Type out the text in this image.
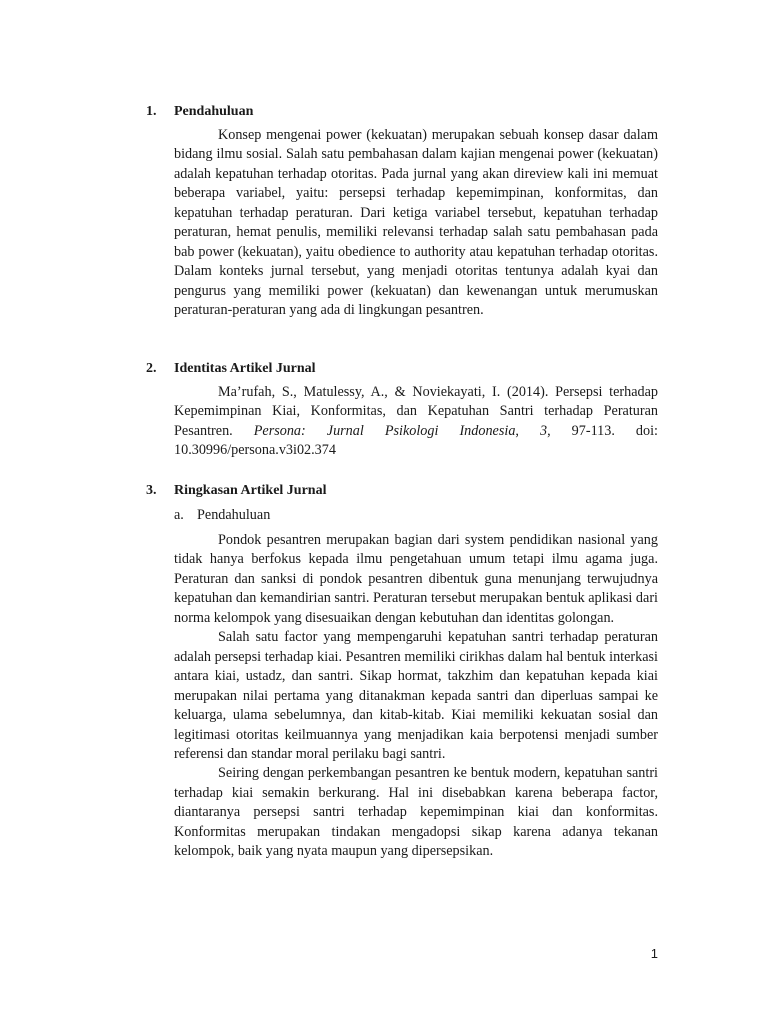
1. Pendahuluan

Konsep mengenai power (kekuatan) merupakan sebuah konsep dasar dalam bidang ilmu sosial. Salah satu pembahasan dalam kajian mengenai power (kekuatan) adalah kepatuhan terhadap otoritas. Pada jurnal yang akan direview kali ini memuat beberapa variabel, yaitu: persepsi terhadap kepemimpinan, konformitas, dan kepatuhan terhadap peraturan. Dari ketiga variabel tersebut, kepatuhan terhadap peraturan, hemat penulis, memiliki relevansi terhadap salah satu pembahasan pada bab power (kekuatan), yaitu obedience to authority atau kepatuhan terhadap otoritas. Dalam konteks jurnal tersebut, yang menjadi otoritas tentunya adalah kyai dan pengurus yang memiliki power (kekuatan) dan kewenangan untuk merumuskan peraturan-peraturan yang ada di lingkungan pesantren.

2. Identitas Artikel Jurnal

Ma’rufah, S., Matulessy, A., & Noviekayati, I. (2014). Persepsi terhadap Kepemimpinan Kiai, Konformitas, dan Kepatuhan Santri terhadap Peraturan Pesantren. Persona: Jurnal Psikologi Indonesia, 3, 97-113. doi: 10.30996/persona.v3i02.374

3. Ringkasan Artikel Jurnal
a. Pendahuluan

Pondok pesantren merupakan bagian dari system pendidikan nasional yang tidak hanya berfokus kepada ilmu pengetahuan umum tetapi ilmu agama juga. Peraturan dan sanksi di pondok pesantren dibentuk guna menunjang terwujudnya kepatuhan dan kemandirian santri. Peraturan tersebut merupakan bentuk aplikasi dari norma kelompok yang disesuaikan dengan kebutuhan dan identitas golongan.

Salah satu factor yang mempengaruhi kepatuhan santri terhadap peraturan adalah persepsi terhadap kiai. Pesantren memiliki cirikhas dalam hal bentuk interkasi antara kiai, ustadz, dan santri. Sikap hormat, takzhim dan kepatuhan kepada kiai merupakan nilai pertama yang ditanakman kepada santri dan diperluas sampai ke keluarga, ulama sebelumnya, dan kitab-kitab. Kiai memiliki kekuatan sosial dan legitimasi otoritas keilmuannya yang menjadikan kaia berpotensi menjadi sumber referensi dan standar moral perilaku bagi santri.

Seiring dengan perkembangan pesantren ke bentuk modern, kepatuhan santri terhadap kiai semakin berkurang. Hal ini disebabkan karena beberapa factor, diantaranya persepsi santri terhadap kepemimpinan kiai dan konformitas. Konformitas merupakan tindakan mengadopsi sikap karena adanya tekanan kelompok, baik yang nyata maupun yang dipersepsikan.

1
